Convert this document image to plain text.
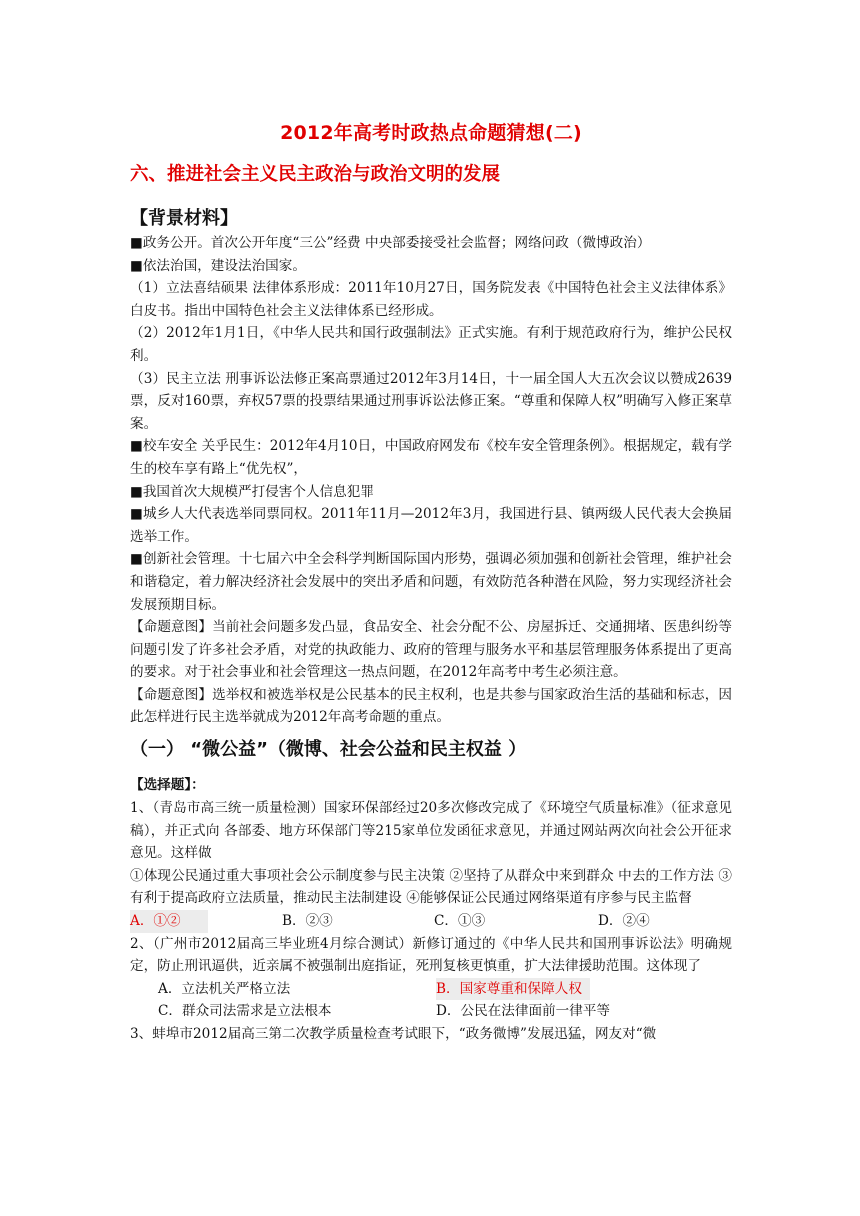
2012年高考时政热点命题猜想(二)
六、推进社会主义民主政治与政治文明的发展
【背景材料】

■政务公开。首次公开年度“三公”经费 中央部委接受社会监督；网络问政（微博政治）

■依法治国，建设法治国家。

（1）立法喜结硕果 法律体系形成：2011年10月27日，国务院发表《中国特色社会主义法律体系》白皮书。指出中国特色社会主义法律体系已经形成。

（2）2012年1月1日，《中华人民共和国行政强制法》正式实施。有利于规范政府行为，维护公民权利。

（3）民主立法 刑事诉讼法修正案高票通过2012年3月14日，十一届全国人大五次会议以赞成2639票，反对160票，弃权57票的投票结果通过刑事诉讼法修正案。“尊重和保障人权”明确写入修正案草案。

■校车安全 关乎民生：2012年4月10日，中国政府网发布《校车安全管理条例》。根据规定，载有学生的校车享有路上“优先权”，

■我国首次大规模严打侵害个人信息犯罪

■城乡人大代表选举同票同权。2011年11月—2012年3月，我国进行县、镇两级人民代表大会换届选举工作。

■创新社会管理。十七届六中全会科学判断国际国内形势，强调必须加强和创新社会管理，维护社会和谐稳定，着力解决经济社会发展中的突出矛盾和问题，有效防范各种潜在风险，努力实现经济社会发展预期目标。

【命题意图】当前社会问题多发凸显，食品安全、社会分配不公、房屋拆迁、交通拥堵、医患纠纷等问题引发了许多社会矛盾，对党的执政能力、政府的管理与服务水平和基层管理服务体系提出了更高的要求。对于社会事业和社会管理这一热点问题，在2012年高考中考生必须注意。

【命题意图】选举权和被选举权是公民基本的民主权利，也是共参与国家政治生活的基础和标志，因此怎样进行民主选举就成为2012年高考命题的重点。

（一） “微公益”（微博、社会公益和民主权益 ）

【选择题】：

1、（青岛市高三统一质量检测）国家环保部经过20多次修改完成了《环境空气质量标准》（征求意见稿），并正式向 各部委、地方环保部门等215家单位发函征求意见，并通过网站两次向社会公开征求意见。这样做

①体现公民通过重大事项社会公示制度参与民主决策 ②坚持了从群众中来到群众 中去的工作方法 ③有利于提高政府立法质量，推动民主法制建设 ④能够保证公民通过网络渠道有序参与民主监督

A．①②	B．②③	C．①③	D．②④

2、（广州市2012届高三毕业班4月综合测试）新修订通过的《中华人民共和国刑事诉讼法》明确规定，防止刑讯逼供，近亲属不被强制出庭指证，死刑复核更慎重，扩大法律援助范围。这体现了

A．立法机关严格立法	B．国家尊重和保障人权
C．群众司法需求是立法根本	D．公民在法律面前一律平等

3、蚌埠市2012届高三第二次教学质量检查考试眼下，“政务微博”发展迅猛，网友对“微
